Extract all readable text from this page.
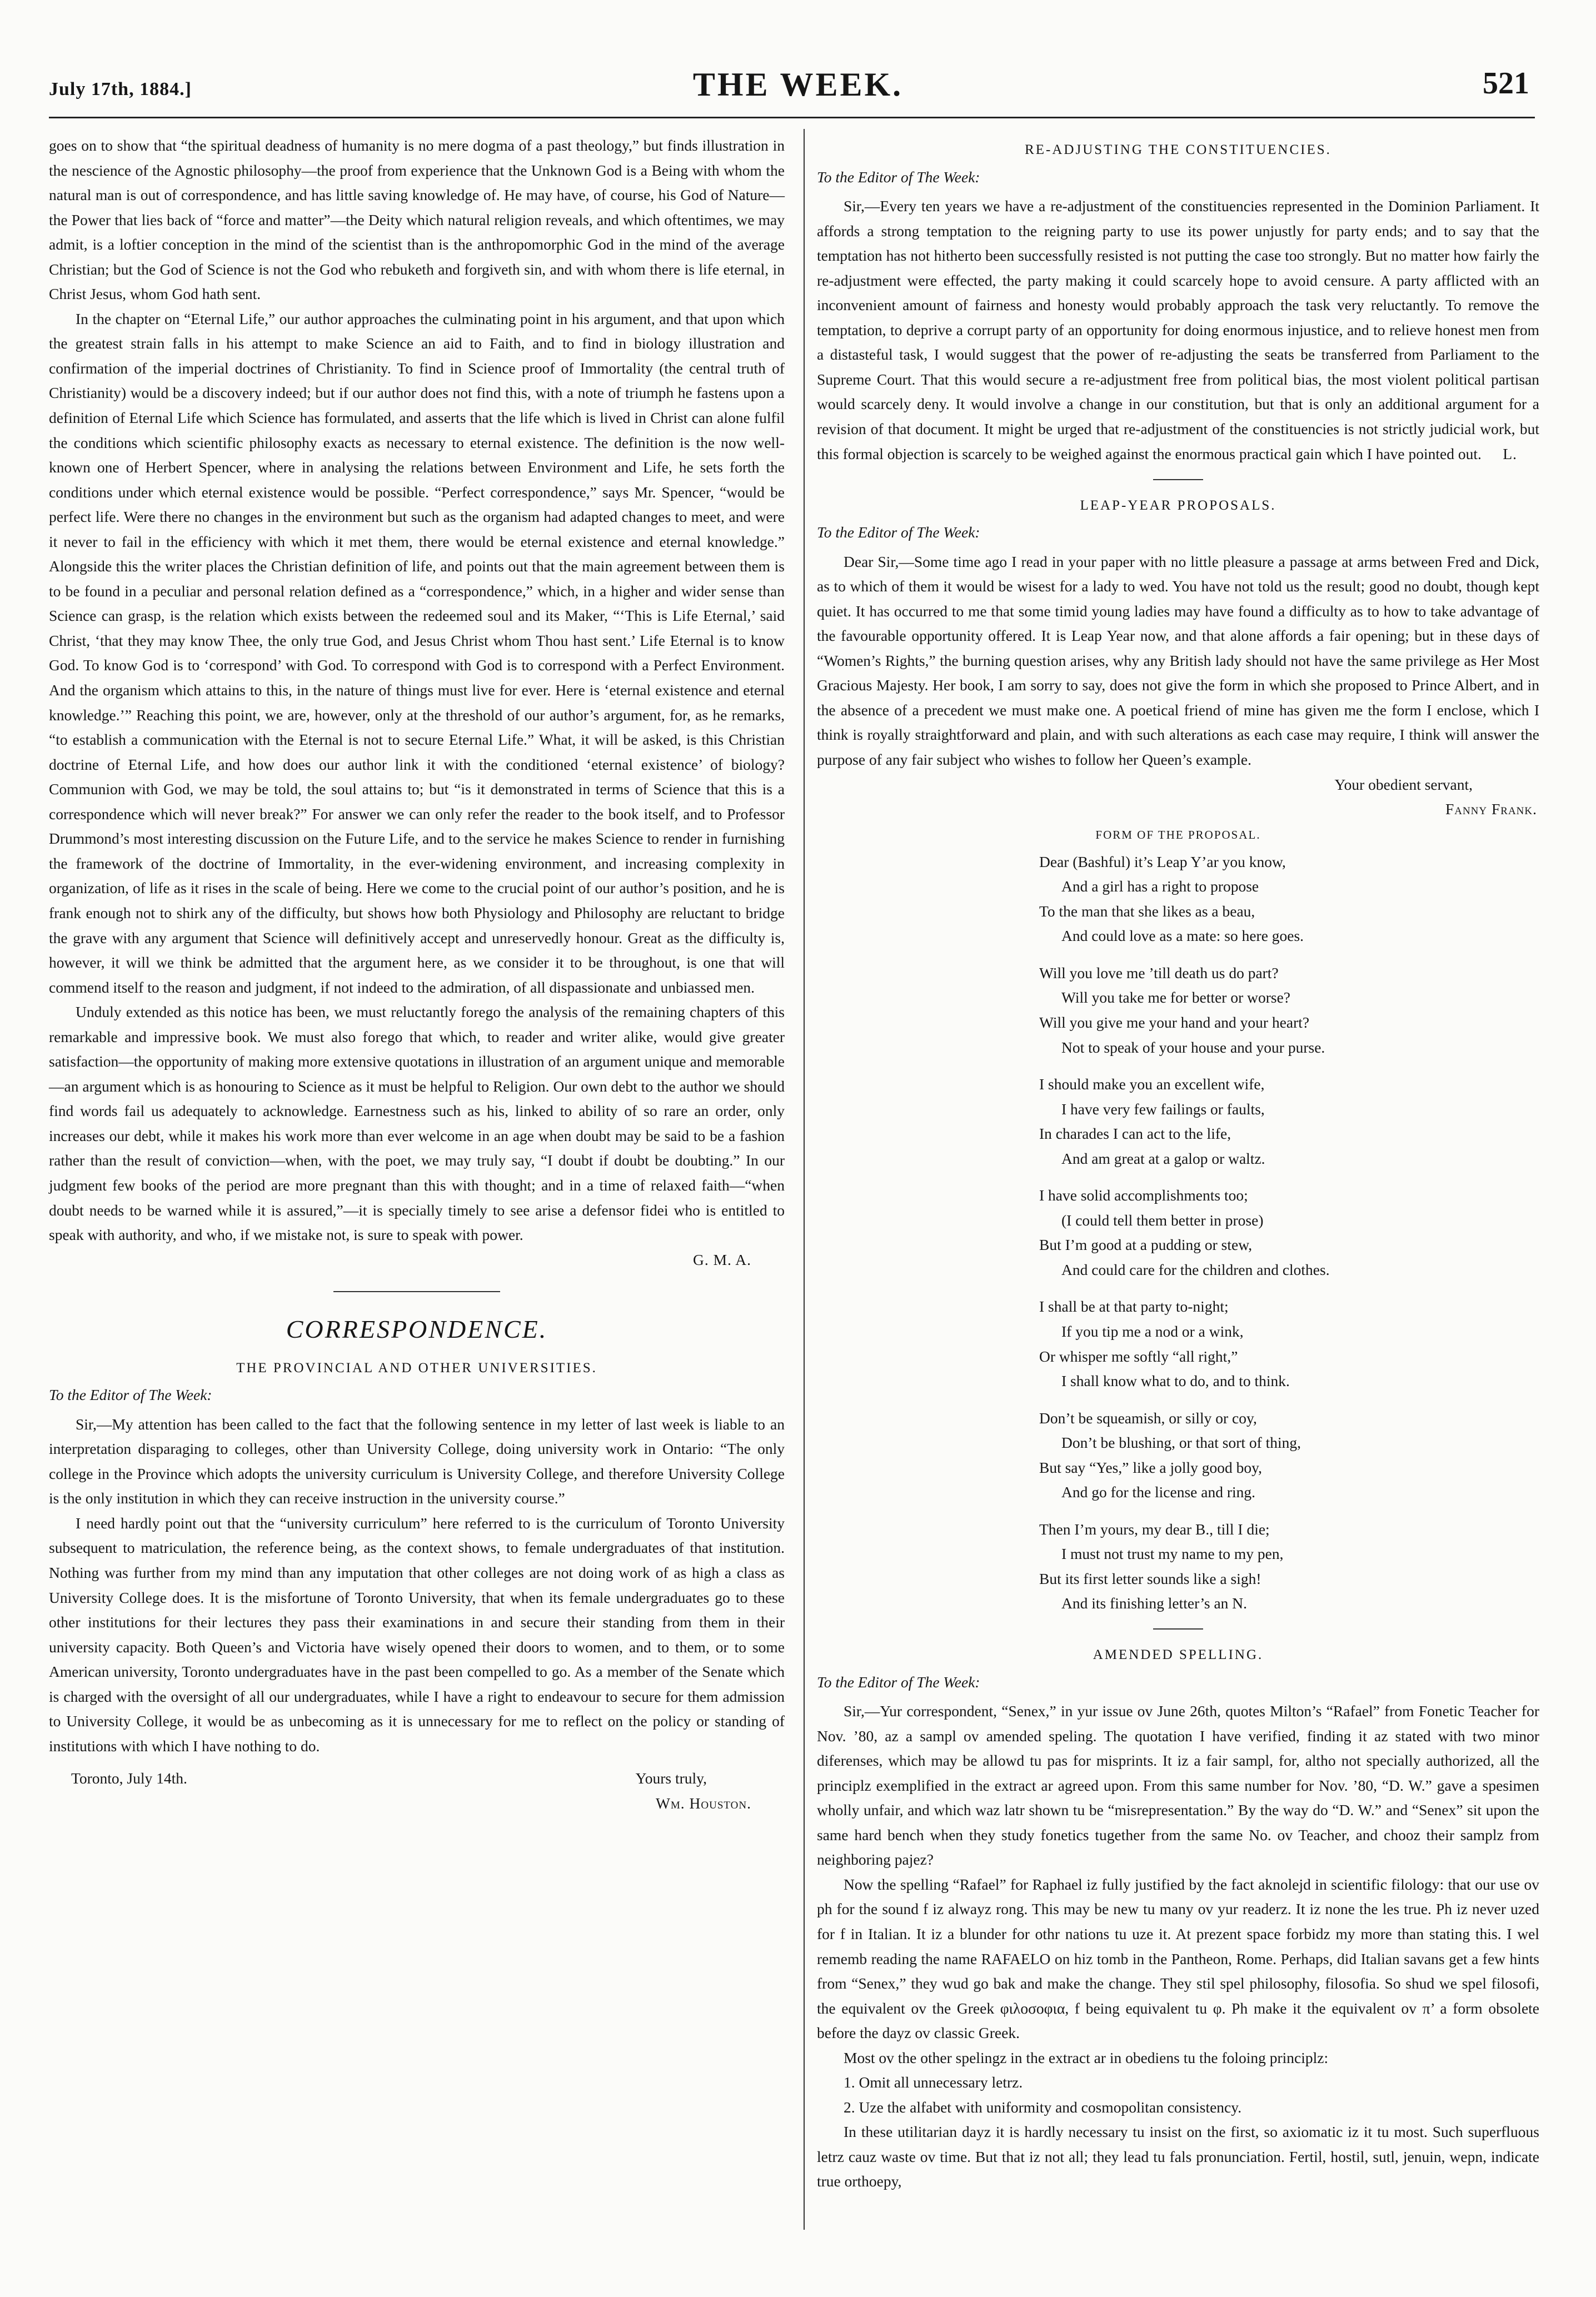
July 17th, 1884.]	THE WEEK.	521

goes on to show that “the spiritual deadness of humanity is no mere dogma of a past theology,” but finds illustration in the nescience of the Agnostic philosophy—the proof from experience that the Unknown God is a Being with whom the natural man is out of correspondence, and has little saving knowledge of. He may have, of course, his God of Nature—the Power that lies back of “force and matter”—the Deity which natural religion reveals, and which oftentimes, we may admit, is a loftier conception in the mind of the scientist than is the anthropomorphic God in the mind of the average Christian; but the God of Science is not the God who rebuketh and forgiveth sin, and with whom there is life eternal, in Christ Jesus, whom God hath sent.

In the chapter on “Eternal Life,” our author approaches the culminating point in his argument, and that upon which the greatest strain falls in his attempt to make Science an aid to Faith, and to find in biology illustration and confirmation of the imperial doctrines of Christianity. To find in Science proof of Immortality (the central truth of Christianity) would be a discovery indeed; but if our author does not find this, with a note of triumph he fastens upon a definition of Eternal Life which Science has formulated, and asserts that the life which is lived in Christ can alone fulfil the conditions which scientific philosophy exacts as necessary to eternal existence. The definition is the now well-known one of Herbert Spencer, where in analysing the relations between Environment and Life, he sets forth the conditions under which eternal existence would be possible. “Perfect correspondence,” says Mr. Spencer, “would be perfect life. Were there no changes in the environment but such as the organism had adapted changes to meet, and were it never to fail in the efficiency with which it met them, there would be eternal existence and eternal knowledge.” Alongside this the writer places the Christian definition of life, and points out that the main agreement between them is to be found in a peculiar and personal relation defined as a “correspondence,” which, in a higher and wider sense than Science can grasp, is the relation which exists between the redeemed soul and its Maker, “‘This is Life Eternal,’ said Christ, ‘that they may know Thee, the only true God, and Jesus Christ whom Thou hast sent.’ Life Eternal is to know God. To know God is to ‘correspond’ with God. To correspond with God is to correspond with a Perfect Environment. And the organism which attains to this, in the nature of things must live for ever. Here is ‘eternal existence and eternal knowledge.’” Reaching this point, we are, however, only at the threshold of our author’s argument, for, as he remarks, “to establish a communication with the Eternal is not to secure Eternal Life.” What, it will be asked, is this Christian doctrine of Eternal Life, and how does our author link it with the conditioned ‘eternal existence’ of biology? Communion with God, we may be told, the soul attains to; but “is it demonstrated in terms of Science that this is a correspondence which will never break?” For answer we can only refer the reader to the book itself, and to Professor Drummond’s most interesting discussion on the Future Life, and to the service he makes Science to render in furnishing the framework of the doctrine of Immortality, in the ever-widening environment, and increasing complexity in organization, of life as it rises in the scale of being. Here we come to the crucial point of our author’s position, and he is frank enough not to shirk any of the difficulty, but shows how both Physiology and Philosophy are reluctant to bridge the grave with any argument that Science will definitively accept and unreservedly honour. Great as the difficulty is, however, it will we think be admitted that the argument here, as we consider it to be throughout, is one that will commend itself to the reason and judgment, if not indeed to the admiration, of all dispassionate and unbiassed men.

Unduly extended as this notice has been, we must reluctantly forego the analysis of the remaining chapters of this remarkable and impressive book. We must also forego that which, to reader and writer alike, would give greater satisfaction—the opportunity of making more extensive quotations in illustration of an argument unique and memorable—an argument which is as honouring to Science as it must be helpful to Religion. Our own debt to the author we should find words fail us adequately to acknowledge. Earnestness such as his, linked to ability of so rare an order, only increases our debt, while it makes his work more than ever welcome in an age when doubt may be said to be a fashion rather than the result of conviction—when, with the poet, we may truly say, “I doubt if doubt be doubting.” In our judgment few books of the period are more pregnant than this with thought; and in a time of relaxed faith—“when doubt needs to be warned while it is assured,”—it is specially timely to see arise a defensor fidei who is entitled to speak with authority, and who, if we mistake not, is sure to speak with power.

G. M. A.
CORRESPONDENCE.
THE PROVINCIAL AND OTHER UNIVERSITIES.
To the Editor of The Week:

Sir,—My attention has been called to the fact that the following sentence in my letter of last week is liable to an interpretation disparaging to colleges, other than University College, doing university work in Ontario: “The only college in the Province which adopts the university curriculum is University College, and therefore University College is the only institution in which they can receive instruction in the university course.”

I need hardly point out that the “university curriculum” here referred to is the curriculum of Toronto University subsequent to matriculation, the reference being, as the context shows, to female undergraduates of that institution. Nothing was further from my mind than any imputation that other colleges are not doing work of as high a class as University College does. It is the misfortune of Toronto University, that when its female undergraduates go to these other institutions for their lectures they pass their examinations in and secure their standing from them in their university capacity. Both Queen’s and Victoria have wisely opened their doors to women, and to them, or to some American university, Toronto undergraduates have in the past been compelled to go. As a member of the Senate which is charged with the oversight of all our undergraduates, while I have a right to endeavour to secure for them admission to University College, it would be as unbecoming as it is unnecessary for me to reflect on the policy or standing of institutions with which I have nothing to do.

Toronto, July 14th.	Yours truly,
Wm. Houston.
RE-ADJUSTING THE CONSTITUENCIES.
To the Editor of The Week:

Sir,—Every ten years we have a re-adjustment of the constituencies represented in the Dominion Parliament. It affords a strong temptation to the reigning party to use its power unjustly for party ends; and to say that the temptation has not hitherto been successfully resisted is not putting the case too strongly. But no matter how fairly the re-adjustment were effected, the party making it could scarcely hope to avoid censure. A party afflicted with an inconvenient amount of fairness and honesty would probably approach the task very reluctantly. To remove the temptation, to deprive a corrupt party of an opportunity for doing enormous injustice, and to relieve honest men from a distasteful task, I would suggest that the power of re-adjusting the seats be transferred from Parliament to the Supreme Court. That this would secure a re-adjustment free from political bias, the most violent political partisan would scarcely deny. It would involve a change in our constitution, but that is only an additional argument for a revision of that document. It might be urged that re-adjustment of the constituencies is not strictly judicial work, but this formal objection is scarcely to be weighed against the enormous practical gain which I have pointed out.	L.
LEAP-YEAR PROPOSALS.
To the Editor of The Week:

Dear Sir,—Some time ago I read in your paper with no little pleasure a passage at arms between Fred and Dick, as to which of them it would be wisest for a lady to wed. You have not told us the result; good no doubt, though kept quiet. It has occurred to me that some timid young ladies may have found a difficulty as to how to take advantage of the favourable opportunity offered. It is Leap Year now, and that alone affords a fair opening; but in these days of “Women’s Rights,” the burning question arises, why any British lady should not have the same privilege as Her Most Gracious Majesty. Her book, I am sorry to say, does not give the form in which she proposed to Prince Albert, and in the absence of a precedent we must make one. A poetical friend of mine has given me the form I enclose, which I think is royally straightforward and plain, and with such alterations as each case may require, I think will answer the purpose of any fair subject who wishes to follow her Queen’s example.

Your obedient servant,
Fanny Frank.
FORM OF THE PROPOSAL.
Dear (Bashful) it’s Leap Y’ar you know,
And a girl has a right to propose
To the man that she likes as a beau,
And could love as a mate: so here goes.
Will you love me ’till death us do part?
Will you take me for better or worse?
Will you give me your hand and your heart?
Not to speak of your house and your purse.
I should make you an excellent wife,
I have very few failings or faults,
In charades I can act to the life,
And am great at a galop or waltz.
I have solid accomplishments too;
(I could tell them better in prose)
But I’m good at a pudding or stew,
And could care for the children and clothes.
I shall be at that party to-night;
If you tip me a nod or a wink,
Or whisper me softly “all right,”
I shall know what to do, and to think.
Don’t be squeamish, or silly or coy,
Don’t be blushing, or that sort of thing,
But say “Yes,” like a jolly good boy,
And go for the license and ring.
Then I’m yours, my dear B., till I die;
I must not trust my name to my pen,
But its first letter sounds like a sigh!
And its finishing letter’s an N.
AMENDED SPELLING.
To the Editor of The Week:

Sir,—Yur correspondent, “Senex,” in yur issue ov June 26th, quotes Milton’s “Rafael” from Fonetic Teacher for Nov. ’80, az a sampl ov amended speling. The quotation I have verified, finding it az stated with two minor diferenses, which may be allowd tu pas for misprints. It iz a fair sampl, for, altho not specially authorized, all the principlz exemplified in the extract ar agreed upon. From this same number for Nov. ’80, “D. W.” gave a spesimen wholly unfair, and which waz latr shown tu be “misrepresentation.” By the way do “D. W.” and “Senex” sit upon the same hard bench when they study fonetics tugether from the same No. ov Teacher, and chooz their samplz from neighboring pajez?

Now the spelling “Rafael” for Raphael iz fully justified by the fact aknolejd in scientific filology: that our use ov ph for the sound f iz alwayz rong. This may be new tu many ov yur readerz. It iz none the les true. Ph iz never uzed for f in Italian. It iz a blunder for othr nations tu uze it. At prezent space forbidz my more than stating this. I wel rememb reading the name RAFAELO on hiz tomb in the Pantheon, Rome. Perhaps, did Italian savans get a few hints from “Senex,” they wud go bak and make the change. They stil spel philosophy, filosofia. So shud we spel filosofi, the equivalent ov the Greek φιλοσοφια, f being equivalent tu φ. Ph make it the equivalent ov π’ a form obsolete before the dayz ov classic Greek.

Most ov the other spelingz in the extract ar in obediens tu the foloing principlz:

1. Omit all unnecessary letrz.

2. Uze the alfabet with uniformity and cosmopolitan consistency.

In these utilitarian dayz it is hardly necessary tu insist on the first, so axiomatic iz it tu most. Such superfluous letrz cauz waste ov time. But that iz not all; they lead tu fals pronunciation. Fertil, hostil, sutl, jenuin, wepn, indicate true orthoepy,
